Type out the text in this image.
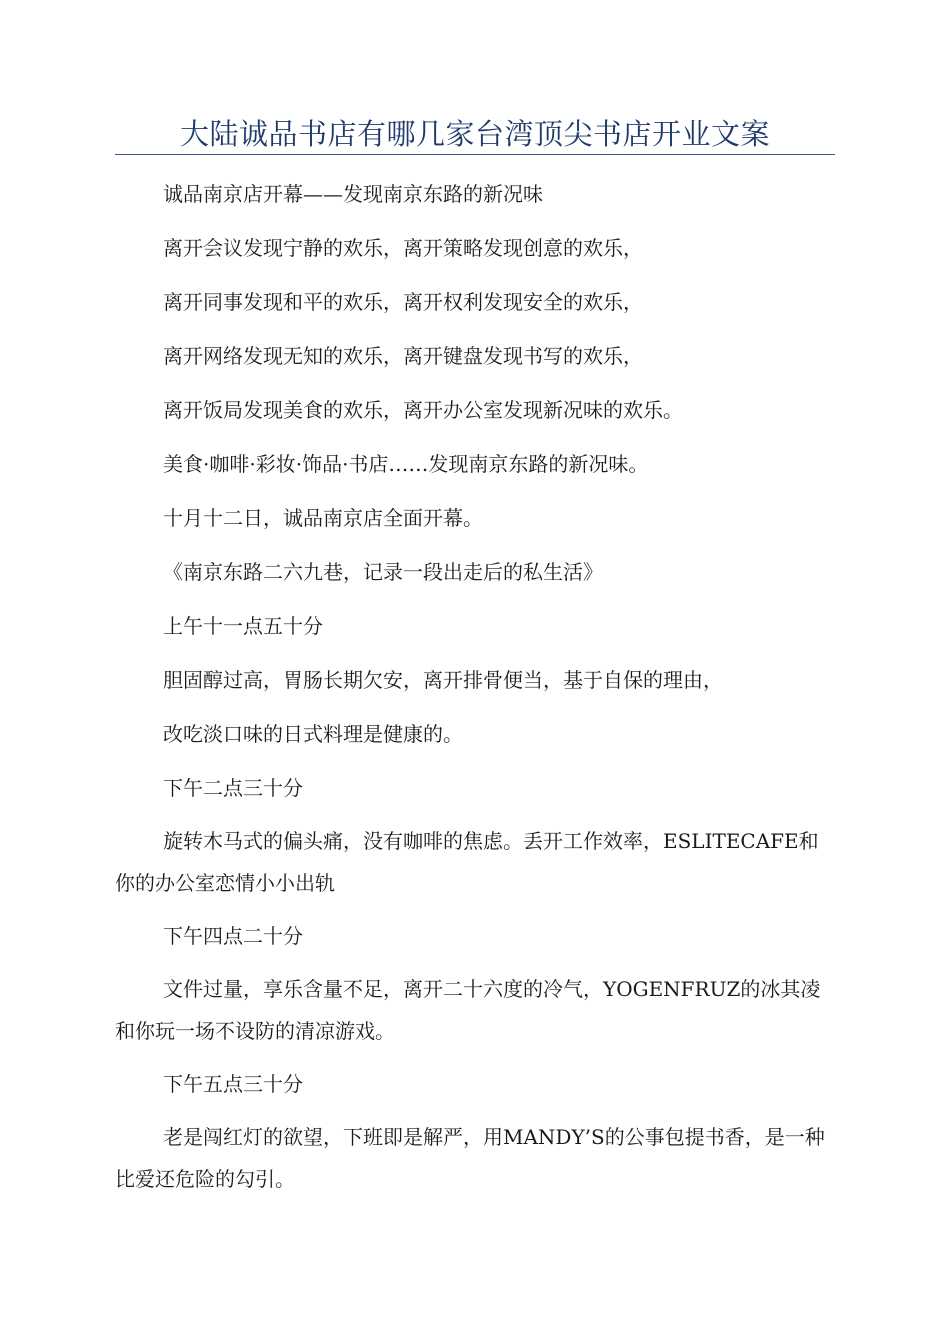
大陆诚品书店有哪几家台湾顶尖书店开业文案

诚品南京店开幕——发现南京东路的新况味

离开会议发现宁静的欢乐，离开策略发现创意的欢乐，

离开同事发现和平的欢乐，离开权利发现安全的欢乐，

离开网络发现无知的欢乐，离开键盘发现书写的欢乐，

离开饭局发现美食的欢乐，离开办公室发现新况味的欢乐。

美食·咖啡·彩妆·饰品·书店……发现南京东路的新况味。

十月十二日，诚品南京店全面开幕。

《南京东路二六九巷，记录一段出走后的私生活》

上午十一点五十分

胆固醇过高，胃肠长期欠安，离开排骨便当，基于自保的理由，

改吃淡口味的日式料理是健康的。

下午二点三十分

旋转木马式的偏头痛，没有咖啡的焦虑。丢开工作效率，ESLITECAFE和你的办公室恋情小小出轨

下午四点二十分

文件过量，享乐含量不足，离开二十六度的冷气，YOGENFRUZ的冰其凌和你玩一场不设防的清凉游戏。

下午五点三十分

老是闯红灯的欲望，下班即是解严，用MANDY’S的公事包提书香，是一种比爱还危险的勾引。
